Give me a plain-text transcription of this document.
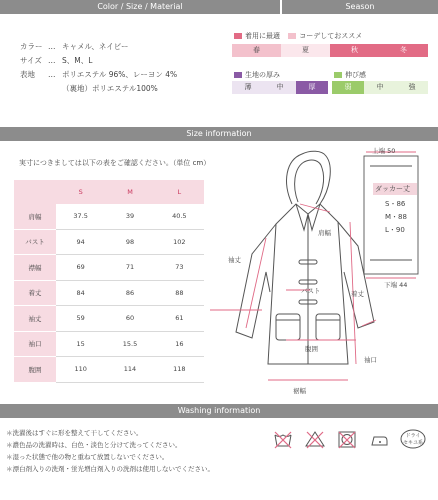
Color / Size / Material	Season
カラー … キャメル、ネイビー
サイズ … S、M、L
表地 … ポリエステル 96%、レーヨン 4%
（裏地）ポリエステル100%
着用に最適	コーデしておススメ
春	夏	秋	冬
生地の厚み	伸び感
薄	中	厚	弱	中	強
Size information
実寸につきましては以下の表をご確認ください。（単位 cm）
	S	M	L
肩幅	37.5	39	40.5
バスト	94	98	102
襟幅	69	71	73
着丈	84	86	88
袖丈	59	60	61
袖口	15	15.5	16
腹囲	110	114	118
肩幅
袖丈
バスト	着丈
腹囲
袖口
裾幅
上端 50
下端 44
ダッカー丈
S・86
M・88
L・90
Washing information
＊洗濯後はすぐに形を整えて干してください。
＊濃色品の洗濯時は、白色・淡色と分けて洗ってください。
＊湿った状態で他の物と重ねて放置しないでください。
＊漂白剤入りの洗剤・蛍光増白剤入りの洗剤は使用しないでください。
ドライ
セキユ系
